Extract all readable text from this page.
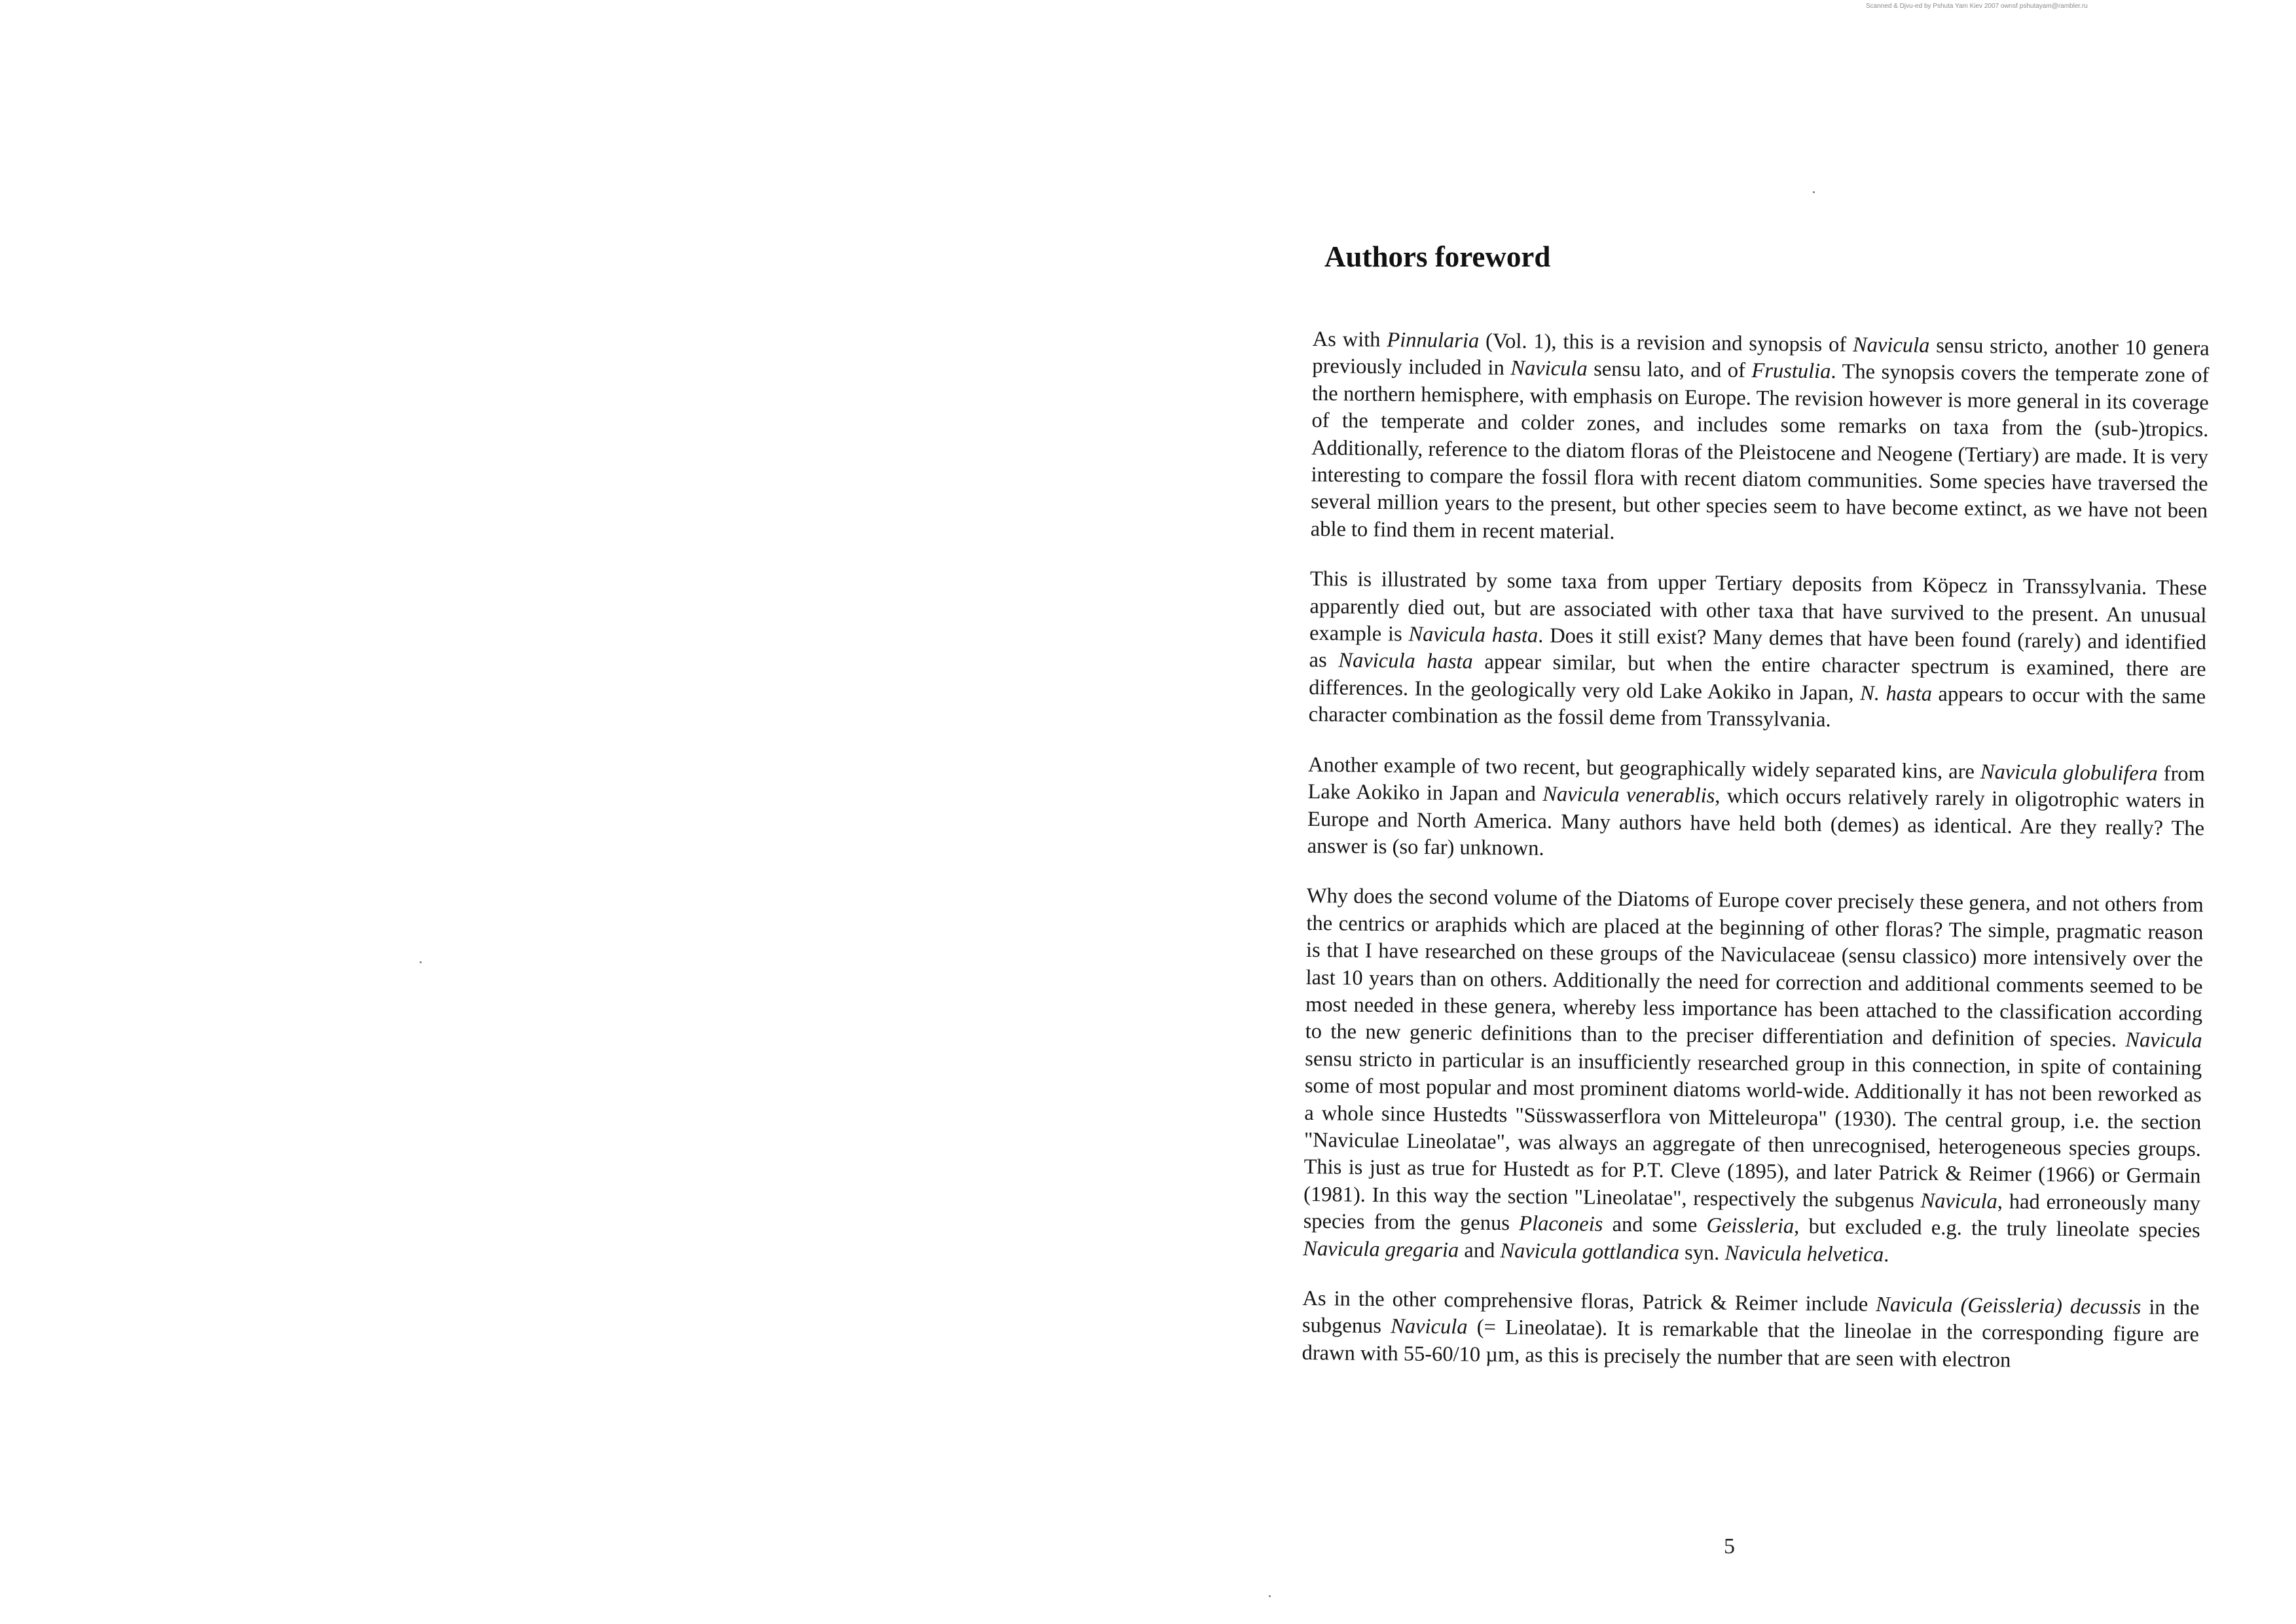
Scanned & Djvu-ed by Pshuta Yam Kiev 2007 ownsf pshutayam@rambler.ru
Authors foreword

As with Pinnularia (Vol. 1), this is a revision and synopsis of Navicula sensu stricto, another 10 genera previously included in Navicula sensu lato, and of Frustulia. The synopsis covers the temperate zone of the northern hemisphere, with emphasis on Europe. The revision however is more general in its coverage of the temperate and colder zones, and includes some remarks on taxa from the (sub-)tropics. Additionally, reference to the diatom floras of the Pleistocene and Neogene (Tertiary) are made. It is very interesting to compare the fossil flora with recent diatom communities. Some species have traversed the several million years to the present, but other species seem to have become extinct, as we have not been able to find them in recent material.

This is illustrated by some taxa from upper Tertiary deposits from Köpecz in Transsylvania. These apparently died out, but are associated with other taxa that have survived to the present. An unusual example is Navicula hasta. Does it still exist? Many demes that have been found (rarely) and identified as Navicula hasta appear similar, but when the entire character spectrum is examined, there are differences. In the geologically very old Lake Aokiko in Japan, N. hasta appears to occur with the same character combination as the fossil deme from Transsylvania.

Another example of two recent, but geographically widely separated kins, are Navicula globulifera from Lake Aokiko in Japan and Navicula venerablis, which occurs relatively rarely in oligotrophic waters in Europe and North America. Many authors have held both (demes) as identical. Are they really? The answer is (so far) unknown.

Why does the second volume of the Diatoms of Europe cover precisely these genera, and not others from the centrics or araphids which are placed at the beginning of other floras? The simple, pragmatic reason is that I have researched on these groups of the Naviculaceae (sensu classico) more intensively over the last 10 years than on others. Additionally the need for correction and additional comments seemed to be most needed in these genera, whereby less importance has been attached to the classification according to the new generic definitions than to the preciser differentiation and definition of species. Navicula sensu stricto in particular is an insufficiently researched group in this connection, in spite of containing some of most popular and most prominent diatoms world-wide. Additionally it has not been reworked as a whole since Hustedts "Süsswasserflora von Mitteleuropa" (1930). The central group, i.e. the section "Naviculae Lineolatae", was always an aggregate of then unrecognised, heterogeneous species groups. This is just as true for Hustedt as for P.T. Cleve (1895), and later Patrick & Reimer (1966) or Germain (1981). In this way the section "Lineolatae", respectively the subgenus Navicula, had erroneously many species from the genus Placoneis and some Geissleria, but excluded e.g. the truly lineolate species Navicula gregaria and Navicula gottlandica syn. Navicula helvetica.

As in the other comprehensive floras, Patrick & Reimer include Navicula (Geissleria) decussis in the subgenus Navicula (= Lineolatae). It is remarkable that the lineolae in the corresponding figure are drawn with 55-60/10 µm, as this is precisely the number that are seen with electron

5
